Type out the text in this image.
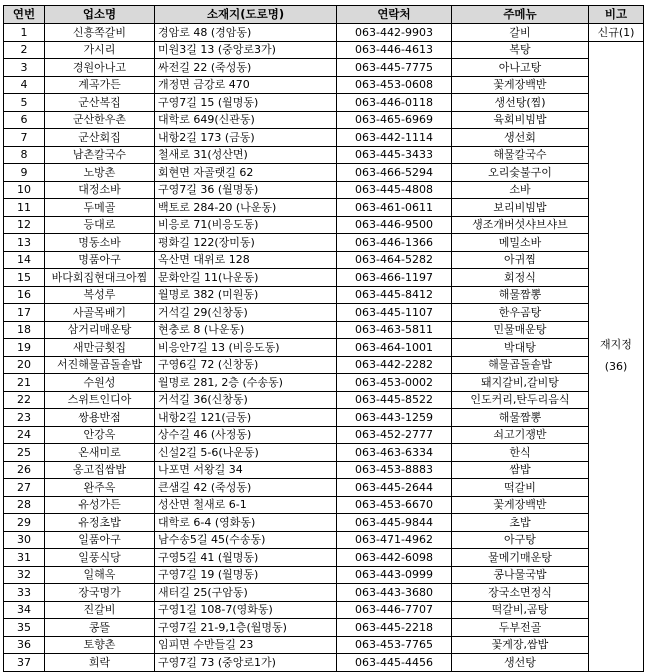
연번	업소명	소재지(도로명)	연락처	주메뉴	비고
1	신흥쪽갈비	경암로 48 (경암동)	063-442-9903	갈비	신규(1)
2	가시리	미원3길 13 (중앙로3가)	063-446-4613	복탕	재지정
(36)

3	경원아나고	싸전길 22 (죽성동)	063-445-7775	아나고탕	
4	계곡가든	개정면 금강로 470	063-453-0608	꽃게장백반	
5	군산복집	구영7길 15 (월명동)	063-446-0118	생선탕(찜)	
6	군산한우촌	대학로 649(신관동)	063-465-6969	육회비빔밥	
7	군산회집	내항2길 173 (금동)	063-442-1114	생선회	
8	남촌칼국수	철새로 31(성산면)	063-445-3433	해물칼국수	
9	노방촌	회현면 자골랫길 62	063-466-5294	오리숯불구이	
10	대정소바	구영7길 36 (월명동)	063-445-4808	소바	
11	두메골	백토로 284-20 (나운동)	063-461-0611	보리비빔밥	
12	등대로	비응로 71(비응도동)	063-446-9500	생조개버섯샤브샤브	
13	명동소바	평화길 122(장미동)	063-446-1366	메밀소바	
14	명품아구	옥산면 대위로 128	063-464-5282	아귀찜	
15	바다회집현대크아찜	문화안길 11(나운동)	063-466-1197	회정식	
16	복성루	월명로 382 (미원동)	063-445-8412	해물짬뽕	
17	사골목배기	거석길 29(신창동)	063-445-1107	한우곰탕	
18	삼거리매운탕	현충로 8 (나운동)	063-463-5811	민물매운탕	
19	새만금횟집	비응안7길 13 (비응도동)	063-464-1001	박대탕	
20	서진해물곱돌솥밥	구영6길 72 (신창동)	063-442-2282	해물곱돌솥밥	
21	수원성	월명로 281, 2층 (수송동)	063-453-0002	돼지갈비,갈비탕	
22	스위트인디아	거석길 36(신창동)	063-445-8522	인도커리,탄두리음식	
23	쌍용반점	내항2길 121(금동)	063-443-1259	해물짬뽕	
24	안강옥	상수길 46 (사정동)	063-452-2777	쇠고기쟁반	
25	온새미로	신설2길 5-6(나운동)	063-463-6334	한식	
26	옹고집쌈밥	나포면 서왕길 34	063-453-8883	쌈밥	
27	완주옥	큰샘길 42 (죽성동)	063-445-2644	떡갈비	
28	유성가든	성산면 철새로 6-1	063-453-6670	꽃게장백반	
29	유정초밥	대학로 6-4 (영화동)	063-445-9844	초밥	
30	일품아구	남수송5길 45(수송동)	063-471-4962	아구탕	
31	일풍식당	구영5길 41 (월명동)	063-442-6098	물메기매운탕	
32	일해옥	구영7길 19 (월명동)	063-443-0999	콩나물국밥	
33	장국명가	새터길 25(구암동)	063-443-3680	장국소면정식	
34	진갈비	구영1길 108-7(영화동)	063-446-7707	떡갈비,곰탕	
35	콩뜰	구영7길 21-9,1층(월명동)	063-445-2218	두부전골	
36	토향촌	임피면 수반들길 23	063-453-7765	꽃게장,쌈밥	
37	희락	구영7길 73 (중앙로1가)	063-445-4456	생선탕	
